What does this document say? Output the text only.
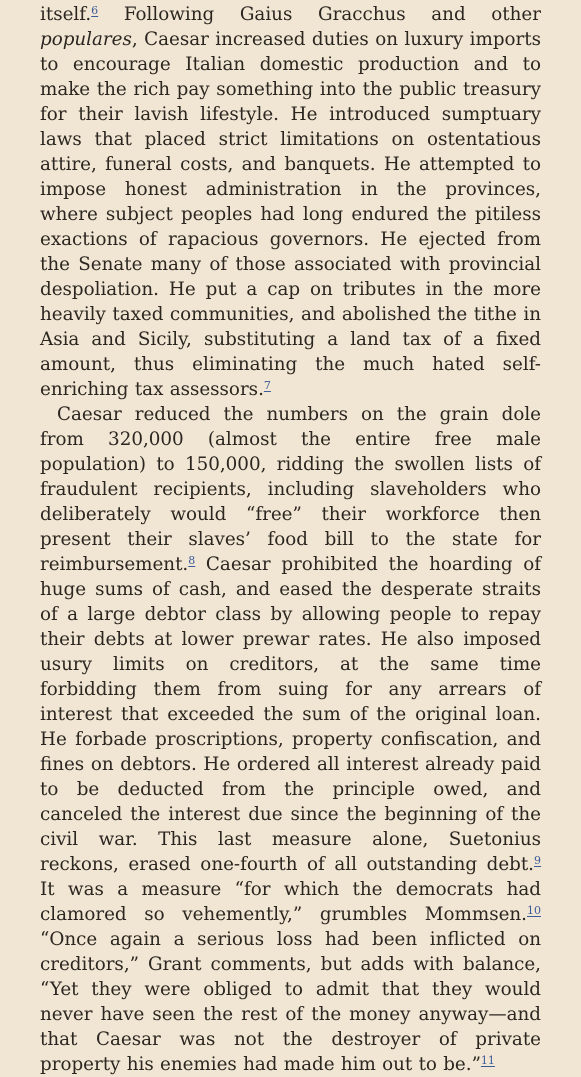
itself.$^6$ Following Gaius Gracchus and other populares, Caesar increased duties on luxury imports to encourage Italian domestic production and to make the rich pay something into the public treasury for their lavish lifestyle. He introduced sumptuary laws that placed strict limitations on ostentatious attire, funeral costs, and banquets. He attempted to impose honest administration in the provinces, where subject peoples had long endured the pitiless exactions of rapacious governors. He ejected from the Senate many of those associated with provincial despoliation. He put a cap on tributes in the more heavily taxed communities, and abolished the tithe in Asia and Sicily, substituting a land tax of a fixed amount, thus eliminating the much hated self-enriching tax assessors.$^7$

Caesar reduced the numbers on the grain dole from 320,000 (almost the entire free male population) to 150,000, ridding the swollen lists of fraudulent recipients, including slaveholders who deliberately would “free” their workforce then present their slaves’ food bill to the state for reimbursement.$^8$ Caesar prohibited the hoarding of huge sums of cash, and eased the desperate straits of a large debtor class by allowing people to repay their debts at lower prewar rates. He also imposed usury limits on creditors, at the same time forbidding them from suing for any arrears of interest that exceeded the sum of the original loan. He forbade proscriptions, property confiscation, and fines on debtors. He ordered all interest already paid to be deducted from the principle owed, and canceled the interest due since the beginning of the civil war. This last measure alone, Suetonius reckons, erased one-fourth of all outstanding debt.$^9$ It was a measure “for which the democrats had clamored so vehemently,” grumbles Mommsen.$^{10}$ “Once again a serious loss had been inflicted on creditors,” Grant comments, but adds with balance, “Yet they were obliged to admit that they would never have seen the rest of the money anyway—and that Caesar was not the destroyer of private property his enemies had made him out to be.”$^{11}$
